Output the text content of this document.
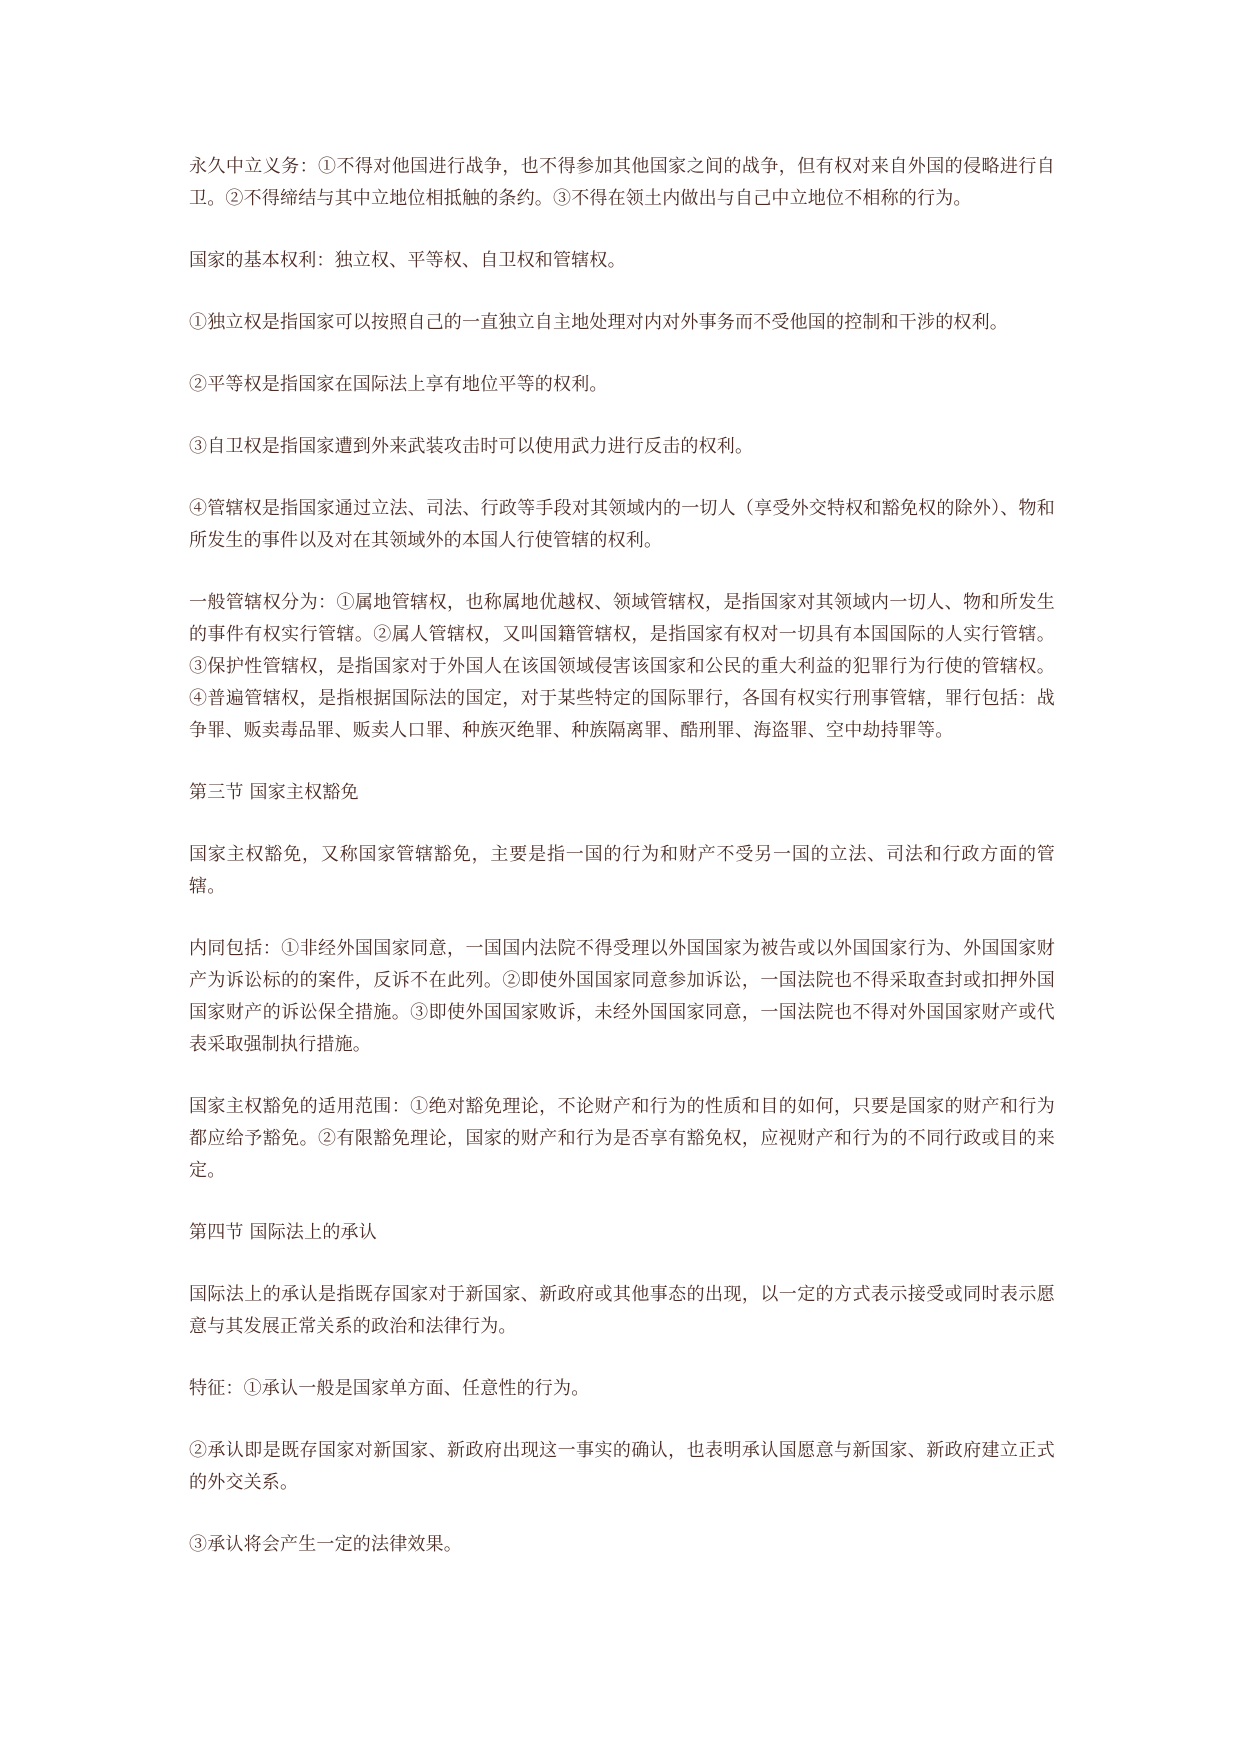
永久中立义务：①不得对他国进行战争，也不得参加其他国家之间的战争，但有权对来自外国的侵略进行自卫。②不得缔结与其中立地位相抵触的条约。③不得在领土内做出与自己中立地位不相称的行为。

国家的基本权利：独立权、平等权、自卫权和管辖权。

①独立权是指国家可以按照自己的一直独立自主地处理对内对外事务而不受他国的控制和干涉的权利。

②平等权是指国家在国际法上享有地位平等的权利。

③自卫权是指国家遭到外来武装攻击时可以使用武力进行反击的权利。

④管辖权是指国家通过立法、司法、行政等手段对其领域内的一切人（享受外交特权和豁免权的除外）、物和所发生的事件以及对在其领域外的本国人行使管辖的权利。

一般管辖权分为：①属地管辖权，也称属地优越权、领域管辖权，是指国家对其领域内一切人、物和所发生的事件有权实行管辖。②属人管辖权，又叫国籍管辖权，是指国家有权对一切具有本国国际的人实行管辖。③保护性管辖权，是指国家对于外国人在该国领域侵害该国家和公民的重大利益的犯罪行为行使的管辖权。④普遍管辖权，是指根据国际法的国定，对于某些特定的国际罪行，各国有权实行刑事管辖，罪行包括：战争罪、贩卖毒品罪、贩卖人口罪、种族灭绝罪、种族隔离罪、酷刑罪、海盗罪、空中劫持罪等。

第三节 国家主权豁免

国家主权豁免，又称国家管辖豁免，主要是指一国的行为和财产不受另一国的立法、司法和行政方面的管辖。

内同包括：①非经外国国家同意，一国国内法院不得受理以外国国家为被告或以外国国家行为、外国国家财产为诉讼标的的案件，反诉不在此列。②即使外国国家同意参加诉讼，一国法院也不得采取查封或扣押外国国家财产的诉讼保全措施。③即使外国国家败诉，未经外国国家同意，一国法院也不得对外国国家财产或代表采取强制执行措施。

国家主权豁免的适用范围：①绝对豁免理论，不论财产和行为的性质和目的如何，只要是国家的财产和行为都应给予豁免。②有限豁免理论，国家的财产和行为是否享有豁免权，应视财产和行为的不同行政或目的来定。

第四节 国际法上的承认

国际法上的承认是指既存国家对于新国家、新政府或其他事态的出现，以一定的方式表示接受或同时表示愿意与其发展正常关系的政治和法律行为。

特征：①承认一般是国家单方面、任意性的行为。

②承认即是既存国家对新国家、新政府出现这一事实的确认，也表明承认国愿意与新国家、新政府建立正式的外交关系。

③承认将会产生一定的法律效果。
